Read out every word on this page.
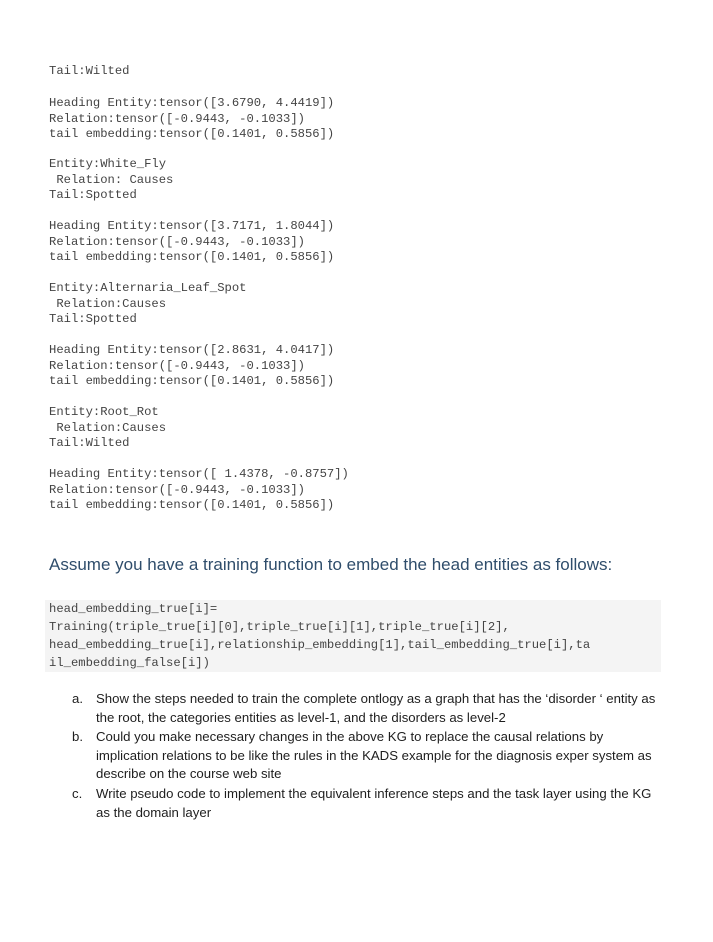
Tail:Wilted
Heading Entity:tensor([3.6790, 4.4419])
Relation:tensor([-0.9443, -0.1033])
tail embedding:tensor([0.1401, 0.5856])
Entity:White_Fly
Relation: Causes
Tail:Spotted
Heading Entity:tensor([3.7171, 1.8044])
Relation:tensor([-0.9443, -0.1033])
tail embedding:tensor([0.1401, 0.5856])
Entity:Alternaria_Leaf_Spot
Relation:Causes
Tail:Spotted
Heading Entity:tensor([2.8631, 4.0417])
Relation:tensor([-0.9443, -0.1033])
tail embedding:tensor([0.1401, 0.5856])
Entity:Root_Rot
Relation:Causes
Tail:Wilted
Heading Entity:tensor([ 1.4378, -0.8757])
Relation:tensor([-0.9443, -0.1033])
tail embedding:tensor([0.1401, 0.5856])
Assume you have a training function to embed the head entities as follows:
head_embedding_true[i]=
Training(triple_true[i][0],triple_true[i][1],triple_true[i][2],
head_embedding_true[i],relationship_embedding[1],tail_embedding_true[i],ta
il_embedding_false[i])
a. Show the steps needed to train the complete ontlogy as a graph that has the ‘disorder ‘ entity as the root, the categories entities as level-1, and the disorders as level-2
b. Could you make necessary changes in the above KG to replace the causal relations by implication relations to be like the rules in the KADS example for the diagnosis exper system as describe on the course web site
c. Write pseudo code to implement the equivalent inference steps and the task layer using the KG as the domain layer
